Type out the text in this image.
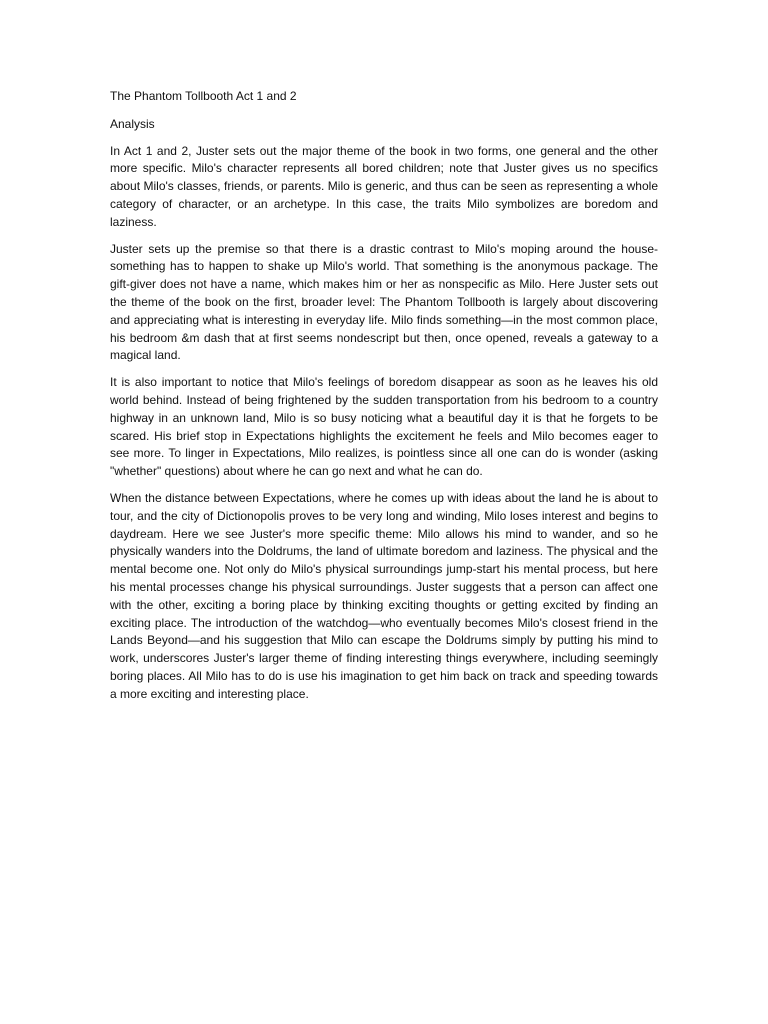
The Phantom Tollbooth Act 1 and 2

Analysis

In Act 1 and 2, Juster sets out the major theme of the book in two forms, one general and the other more specific. Milo's character represents all bored children; note that Juster gives us no specifics about Milo's classes, friends, or parents. Milo is generic, and thus can be seen as representing a whole category of character, or an archetype. In this case, the traits Milo symbolizes are boredom and laziness.

Juster sets up the premise so that there is a drastic contrast to Milo's moping around the house-something has to happen to shake up Milo's world. That something is the anonymous package. The gift-giver does not have a name, which makes him or her as nonspecific as Milo. Here Juster sets out the theme of the book on the first, broader level: The Phantom Tollbooth is largely about discovering and appreciating what is interesting in everyday life. Milo finds something—in the most common place, his bedroom &m dash that at first seems nondescript but then, once opened, reveals a gateway to a magical land.

It is also important to notice that Milo's feelings of boredom disappear as soon as he leaves his old world behind. Instead of being frightened by the sudden transportation from his bedroom to a country highway in an unknown land, Milo is so busy noticing what a beautiful day it is that he forgets to be scared. His brief stop in Expectations highlights the excitement he feels and Milo becomes eager to see more. To linger in Expectations, Milo realizes, is pointless since all one can do is wonder (asking "whether" questions) about where he can go next and what he can do.

When the distance between Expectations, where he comes up with ideas about the land he is about to tour, and the city of Dictionopolis proves to be very long and winding, Milo loses interest and begins to daydream. Here we see Juster's more specific theme: Milo allows his mind to wander, and so he physically wanders into the Doldrums, the land of ultimate boredom and laziness. The physical and the mental become one. Not only do Milo's physical surroundings jump-start his mental process, but here his mental processes change his physical surroundings. Juster suggests that a person can affect one with the other, exciting a boring place by thinking exciting thoughts or getting excited by finding an exciting place. The introduction of the watchdog—who eventually becomes Milo's closest friend in the Lands Beyond—and his suggestion that Milo can escape the Doldrums simply by putting his mind to work, underscores Juster's larger theme of finding interesting things everywhere, including seemingly boring places. All Milo has to do is use his imagination to get him back on track and speeding towards a more exciting and interesting place.
